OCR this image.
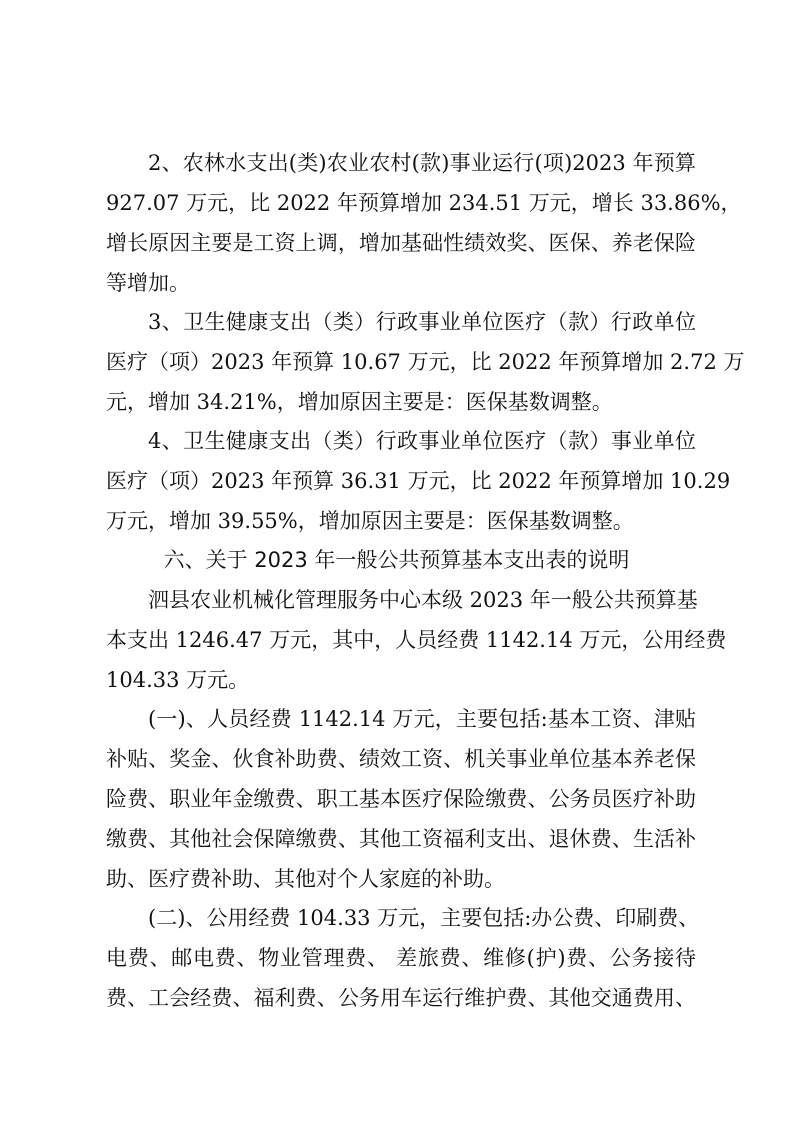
2、农林水支出(类)农业农村(款)事业运行(项)2023 年预算
927.07 万元，比 2022 年预算增加 234.51 万元，增长 33.86%，
增长原因主要是工资上调，增加基础性绩效奖、医保、养老保险
等增加。
3、卫生健康支出（类）行政事业单位医疗（款）行政单位
医疗（项）2023 年预算 10.67 万元，比 2022 年预算增加 2.72 万
元，增加 34.21%，增加原因主要是：医保基数调整。
4、卫生健康支出（类）行政事业单位医疗（款）事业单位
医疗（项）2023 年预算 36.31 万元，比 2022 年预算增加 10.29
万元，增加 39.55%，增加原因主要是：医保基数调整。
六、关于 2023 年一般公共预算基本支出表的说明
泗县农业机械化管理服务中心本级 2023 年一般公共预算基
本支出 1246.47 万元，其中，人员经费 1142.14 万元，公用经费
104.33 万元。
(一)、人员经费 1142.14 万元，主要包括:基本工资、津贴
补贴、奖金、伙食补助费、绩效工资、机关事业单位基本养老保
险费、职业年金缴费、职工基本医疗保险缴费、公务员医疗补助
缴费、其他社会保障缴费、其他工资福利支出、退休费、生活补
助、医疗费补助、其他对个人家庭的补助。
(二)、公用经费 104.33 万元，主要包括:办公费、印刷费、
电费、邮电费、物业管理费、 差旅费、维修(护)费、公务接待
费、工会经费、福利费、公务用车运行维护费、其他交通费用、
